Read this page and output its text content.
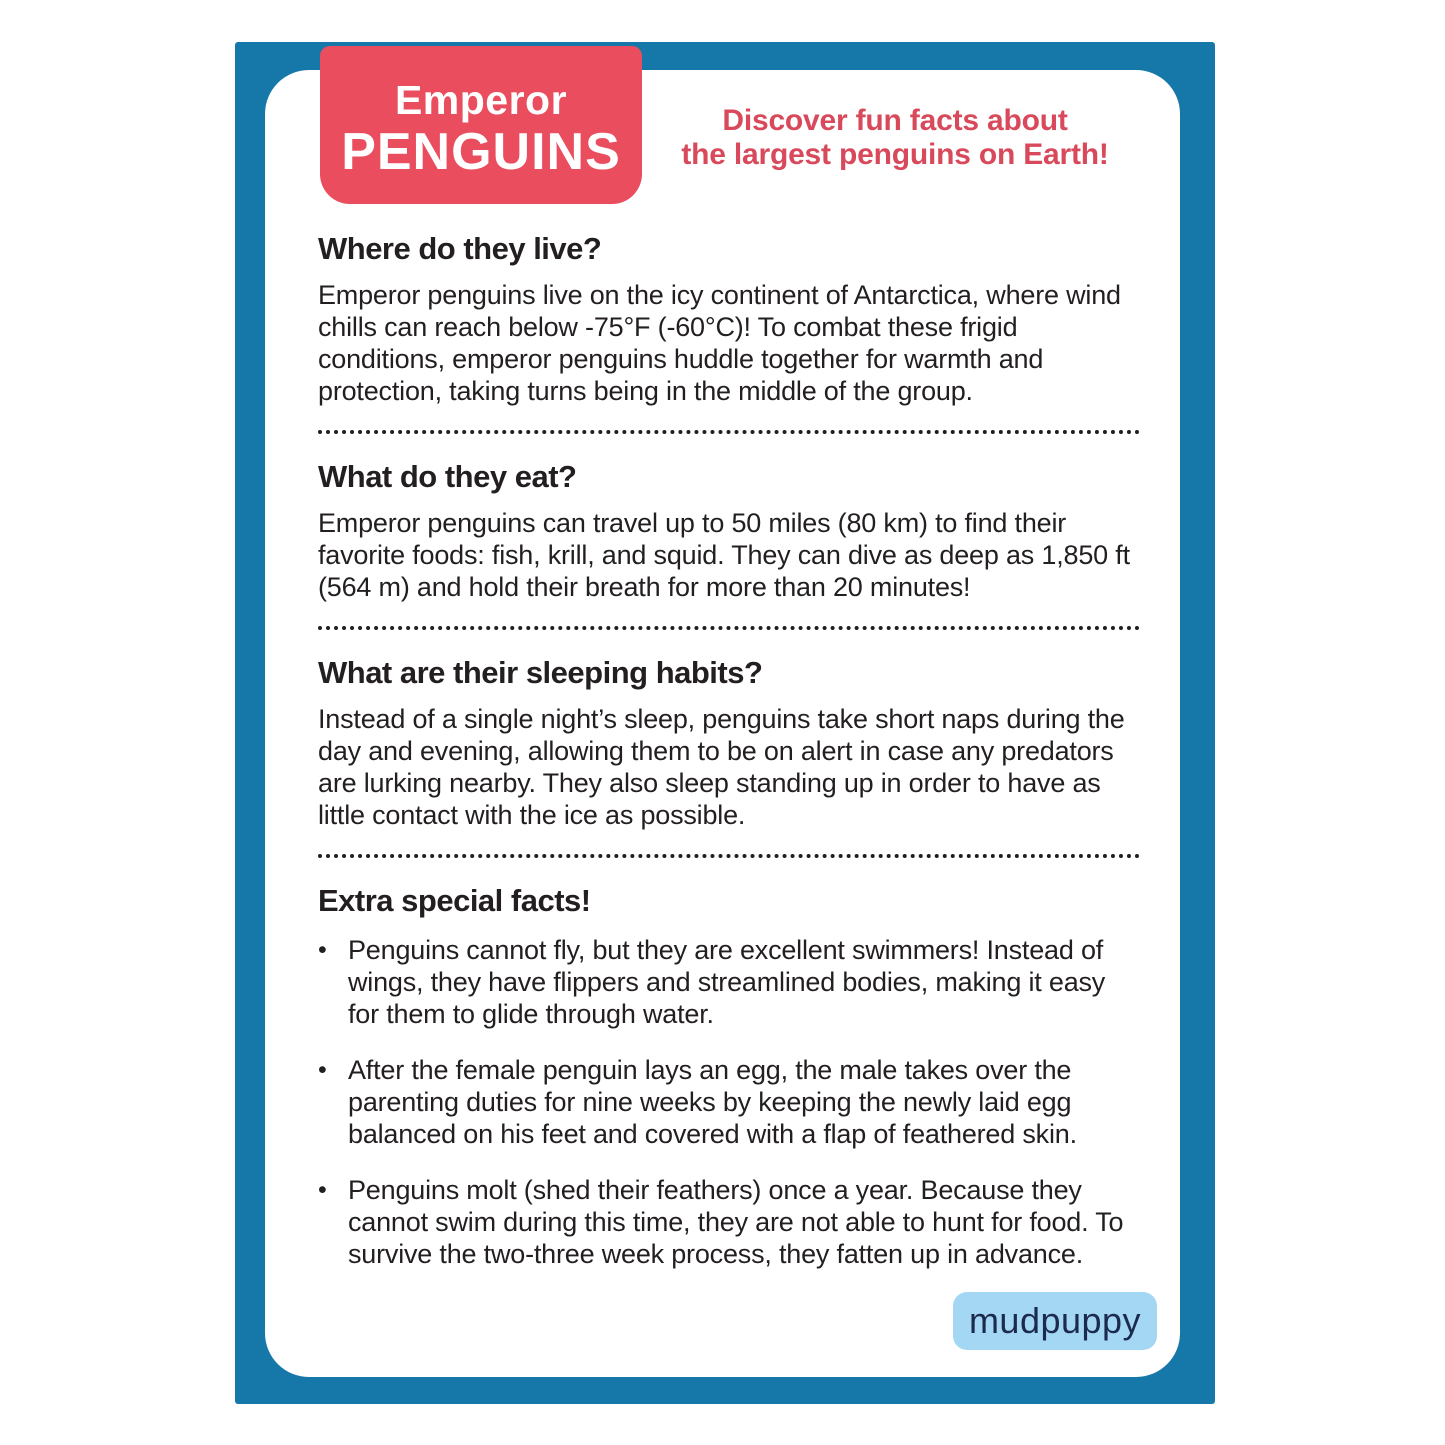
Emperor
PENGUINS
Discover fun facts about
the largest penguins on Earth!
Where do they live?

Emperor penguins live on the icy continent of Antarctica, where wind chills can reach below -75°F (-60°C)! To combat these frigid conditions, emperor penguins huddle together for warmth and protection, taking turns being in the middle of the group.

What do they eat?

Emperor penguins can travel up to 50 miles (80 km) to find their favorite foods: fish, krill, and squid. They can dive as deep as 1,850 ft (564 m) and hold their breath for more than 20 minutes!

What are their sleeping habits?

Instead of a single night’s sleep, penguins take short naps during the day and evening, allowing them to be on alert in case any predators are lurking nearby. They also sleep standing up in order to have as little contact with the ice as possible.

Extra special facts!
• Penguins cannot fly, but they are excellent swimmers! Instead of wings, they have flippers and streamlined bodies, making it easy for them to glide through water.
• After the female penguin lays an egg, the male takes over the parenting duties for nine weeks by keeping the newly laid egg balanced on his feet and covered with a flap of feathered skin.
• Penguins molt (shed their feathers) once a year. Because they cannot swim during this time, they are not able to hunt for food. To survive the two-three week process, they fatten up in advance.
mudpuppy
